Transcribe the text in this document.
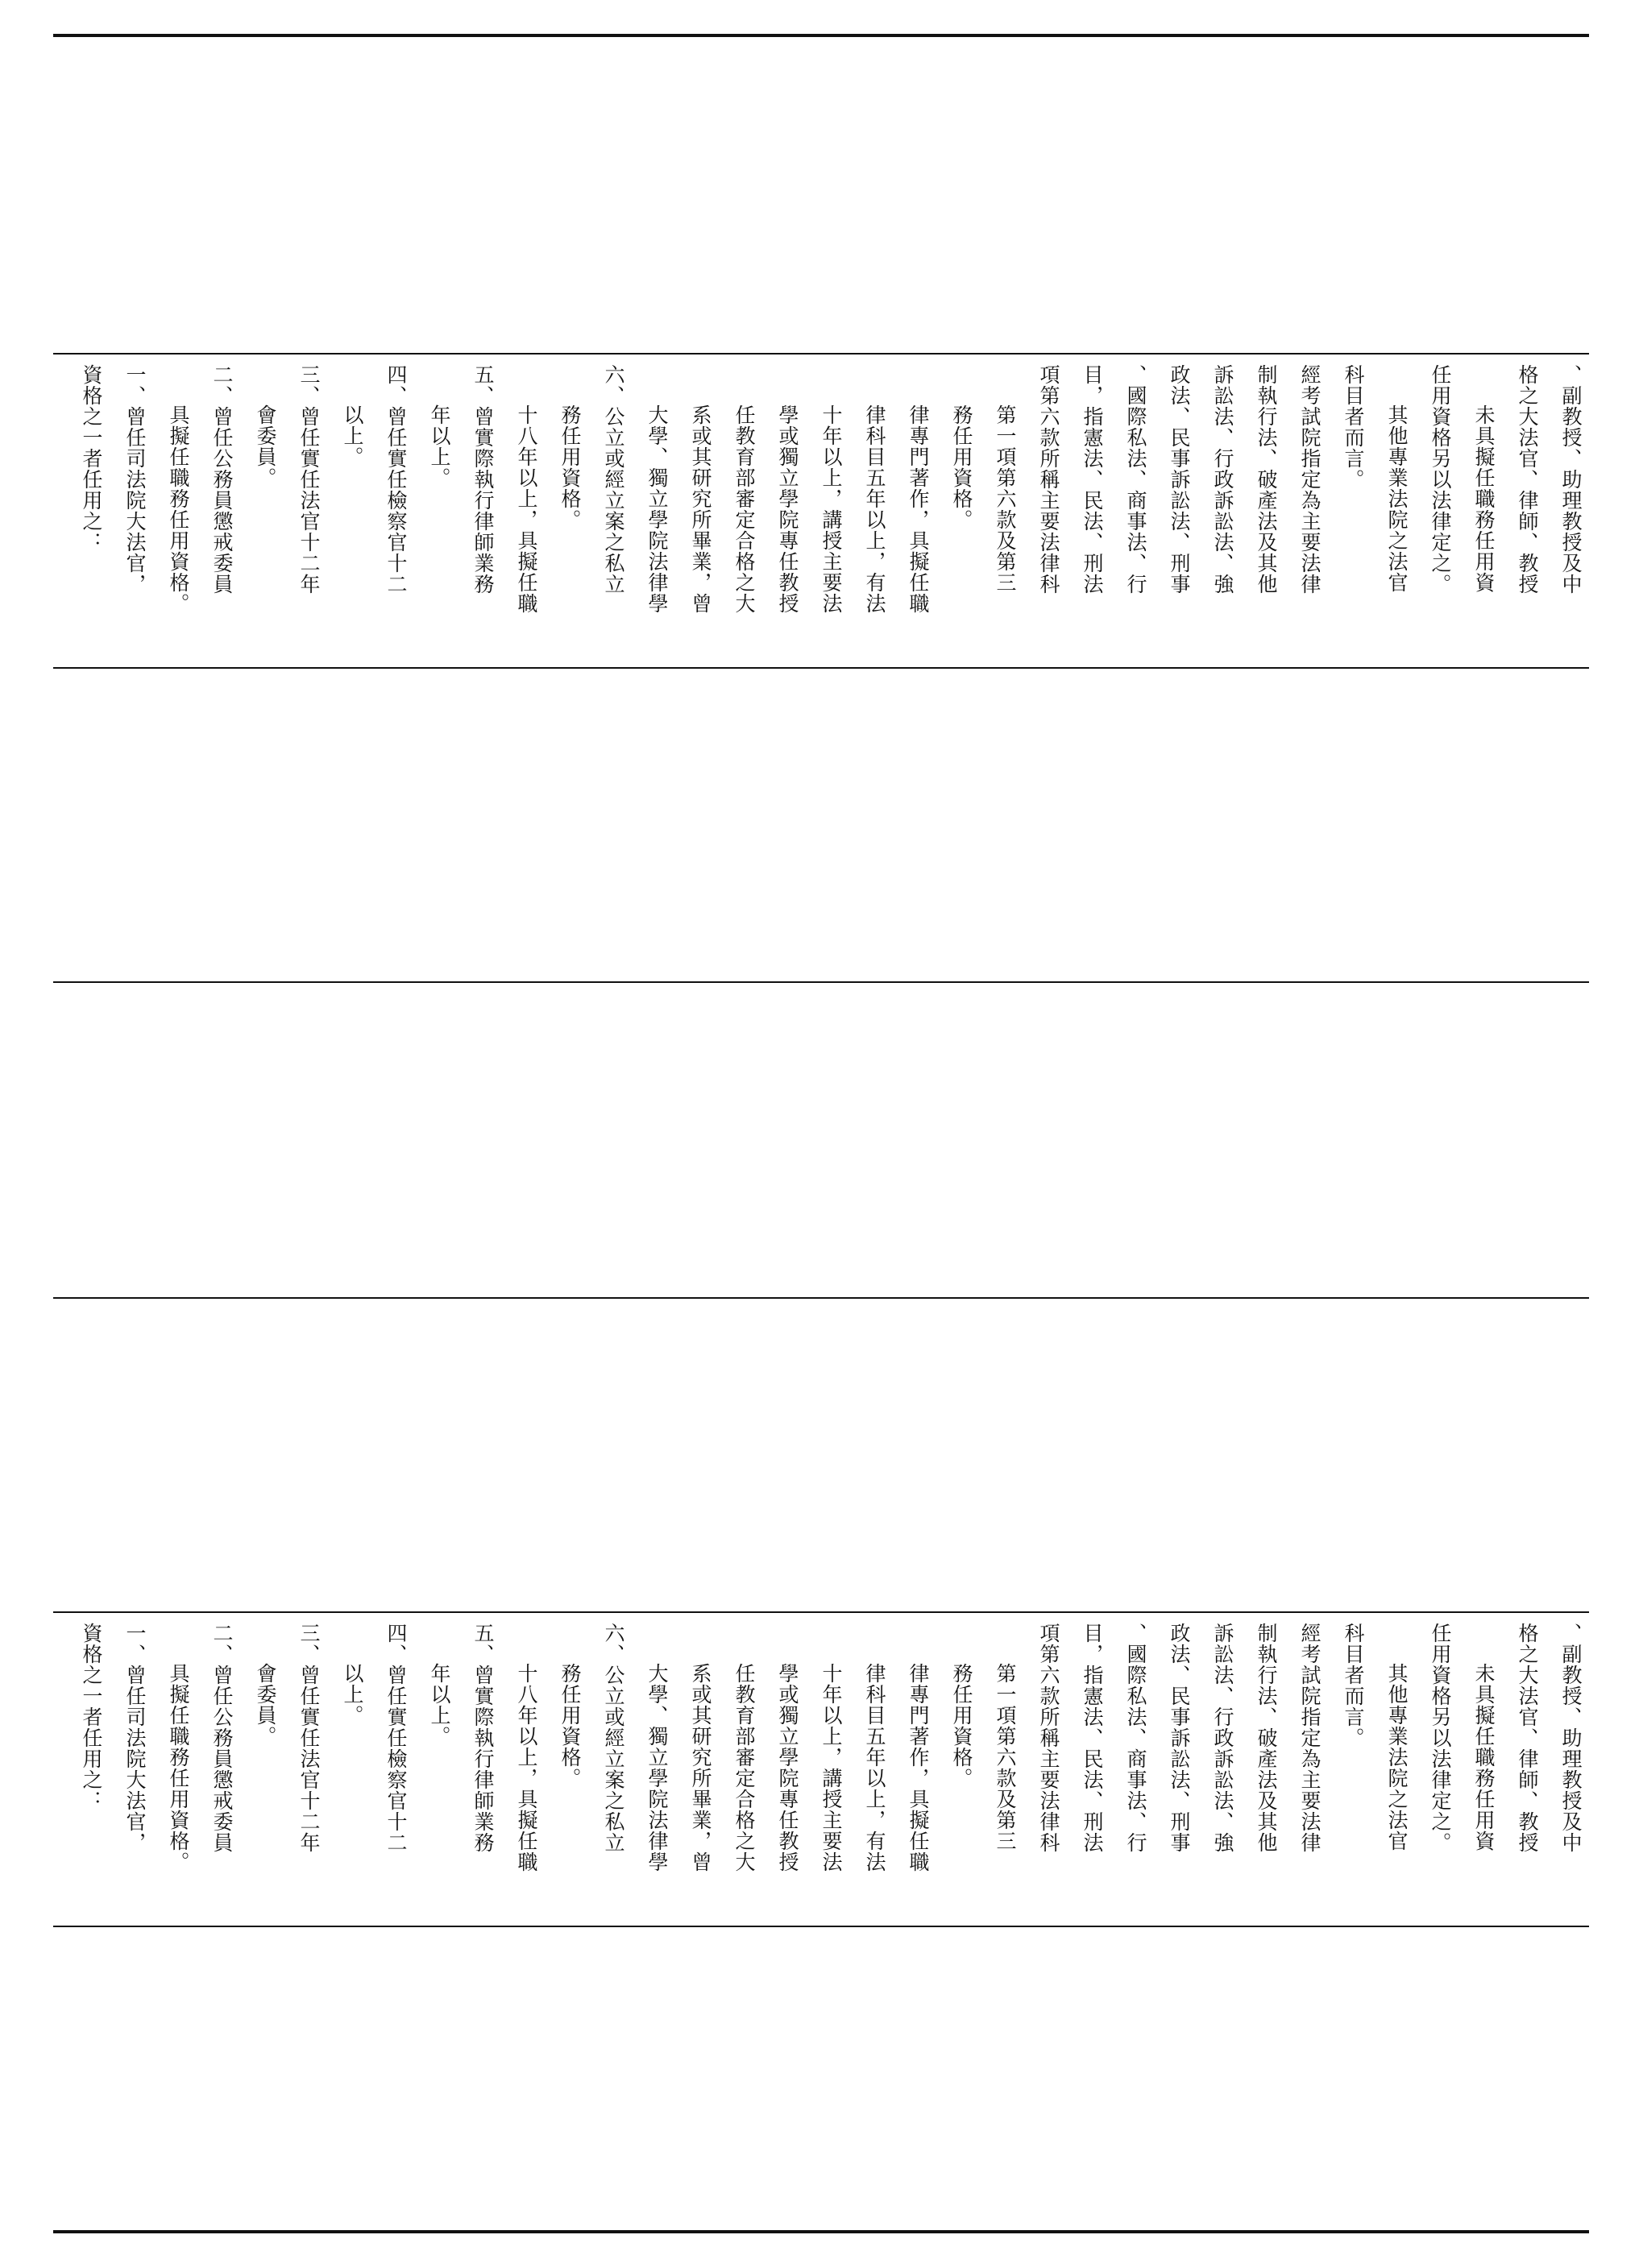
資格之一者任用之：	一、曾任司法院大法官，	具擬任職務任用資格。	二、曾任公務員懲戒委員	會委員。	三、曾任實任法官十二年	以上。	四、曾任實任檢察官十二	年以上。	五、曾實際執行律師業務	十八年以上，具擬任職	務任用資格。	六、公立或經立案之私立	大學、獨立學院法律學	系或其研究所畢業，曾	任教育部審定合格之大	學或獨立學院專任教授	十年以上，講授主要法	律科目五年以上，有法	律專門著作，具擬任職	務任用資格。	第一項第六款及第三	項第六款所稱主要法律科	目，指憲法、民法、刑法	、國際私法、商事法、行	政法、民事訴訟法、刑事	訴訟法、行政訴訟法、強	制執行法、破產法及其他	經考試院指定為主要法律	科目者而言。	其他專業法院之法官	任用資格另以法律定之。	未具擬任職務任用資	格之大法官、律師、教授	、副教授、助理教授及中
資格之一者任用之：	一、曾任司法院大法官，	具擬任職務任用資格。	二、曾任公務員懲戒委員	會委員。	三、曾任實任法官十二年	以上。	四、曾任實任檢察官十二	年以上。	五、曾實際執行律師業務	十八年以上，具擬任職	務任用資格。	六、公立或經立案之私立	大學、獨立學院法律學	系或其研究所畢業，曾	任教育部審定合格之大	學或獨立學院專任教授	十年以上，講授主要法	律科目五年以上，有法	律專門著作，具擬任職	務任用資格。	第一項第六款及第三	項第六款所稱主要法律科	目，指憲法、民法、刑法	、國際私法、商事法、行	政法、民事訴訟法、刑事	訴訟法、行政訴訟法、強	制執行法、破產法及其他	經考試院指定為主要法律	科目者而言。	其他專業法院之法官	任用資格另以法律定之。	未具擬任職務任用資	格之大法官、律師、教授	、副教授、助理教授及中
